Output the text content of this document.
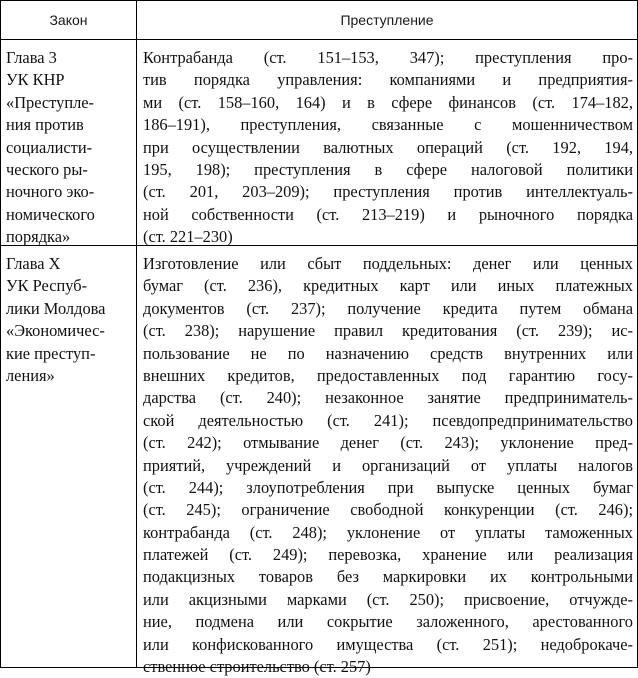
Закон	Преступление
Глава 3
УК КНР
«Преступле-
ния против
социалисти-
ческого ры-
ночного эко-
номического
порядка»
Контрабанда (ст. 151–153, 347); преступления про-
тив порядка управления: компаниями и предприятия-
ми (ст. 158–160, 164) и в сфере финансов (ст. 174–182,
186–191), преступления, связанные с мошенничеством
при осуществлении валютных операций (ст. 192, 194,
195, 198); преступления в сфере налоговой политики
(ст. 201, 203–209); преступления против интеллектуаль-
ной собственности (ст. 213–219) и рыночного порядка
(ст. 221–230)
Глава X
УК Респуб-
лики Молдова
«Экономичес-
кие преступ-
ления»
Изготовление или сбыт поддельных: денег или ценных
бумаг (ст. 236), кредитных карт или иных платежных
документов (ст. 237); получение кредита путем обмана
(ст. 238); нарушение правил кредитования (ст. 239); ис-
пользование не по назначению средств внутренних или
внешних кредитов, предоставленных под гарантию госу-
дарства (ст. 240); незаконное занятие предприниматель-
ской деятельностью (ст. 241); псевдопредпринимательство
(ст. 242); отмывание денег (ст. 243); уклонение пред-
приятий, учреждений и организаций от уплаты налогов
(ст. 244); злоупотребления при выпуске ценных бумаг
(ст. 245); ограничение свободной конкуренции (ст. 246);
контрабанда (ст. 248); уклонение от уплаты таможенных
платежей (ст. 249); перевозка, хранение или реализация
подакцизных товаров без маркировки их контрольными
или акцизными марками (ст. 250); присвоение, отчужде-
ние, подмена или сокрытие заложенного, арестованного
или конфискованного имущества (ст. 251); недоброкаче-
ственное строительство (ст. 257)
